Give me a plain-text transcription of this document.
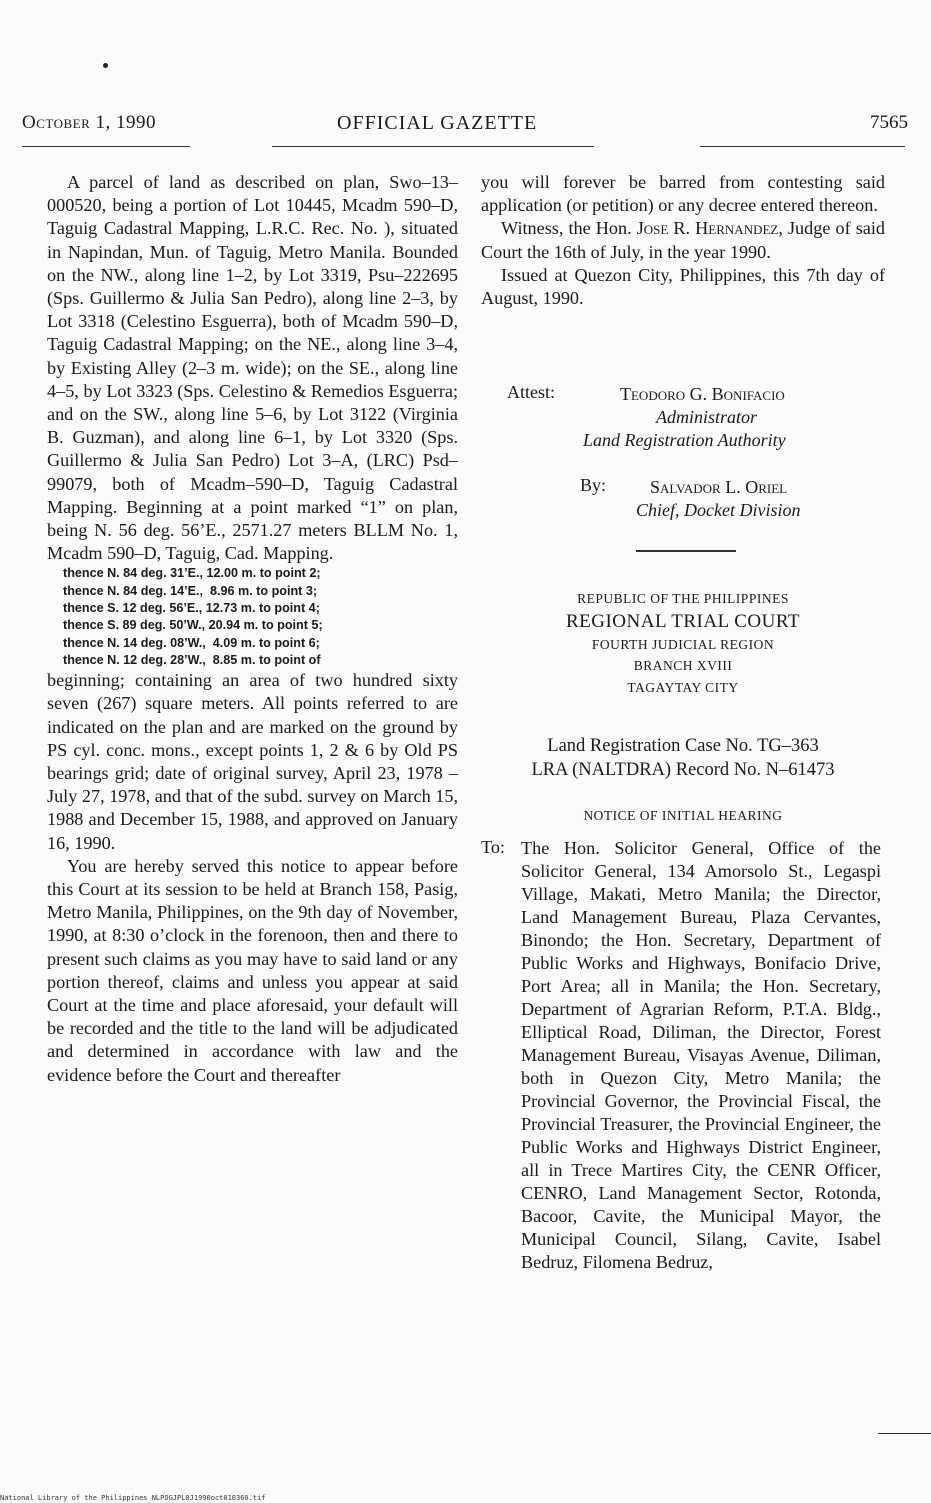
October 1, 1990	OFFICIAL GAZETTE	7565

A parcel of land as described on plan, Swo–13–000520, being a portion of Lot 10445, Mcadm 590–D, Taguig Cadastral Mapping, L.R.C. Rec. No. ), situated in Napindan, Mun. of Taguig, Metro Manila. Bounded on the NW., along line 1–2, by Lot 3319, Psu–222695 (Sps. Guillermo & Julia San Pedro), along line 2–3, by Lot 3318 (Celestino Esguerra), both of Mcadm 590–D, Taguig Cadastral Mapping; on the NE., along line 3–4, by Existing Alley (2–3 m. wide); on the SE., along line 4–5, by Lot 3323 (Sps. Celestino & Remedios Esguerra; and on the SW., along line 5–6, by Lot 3122 (Virginia B. Guzman), and along line 6–1, by Lot 3320 (Sps. Guillermo & Julia San Pedro) Lot 3–A, (LRC) Psd–99079, both of Mcadm–590–D, Taguig Cadastral Mapping. Beginning at a point marked “1” on plan, being N. 56 deg. 56’E., 2571.27 meters BLLM No. 1, Mcadm 590–D, Taguig, Cad. Mapping.

thence N. 84 deg. 31’E., 12.00 m. to point 2;
thence N. 84 deg. 14’E.,  8.96 m. to point 3;
thence S. 12 deg. 56’E., 12.73 m. to point 4;
thence S. 89 deg. 50’W., 20.94 m. to point 5;
thence N. 14 deg. 08’W.,  4.09 m. to point 6;
thence N. 12 deg. 28’W.,  8.85 m. to point of

beginning; containing an area of two hundred sixty seven (267) square meters. All points referred to are indicated on the plan and are marked on the ground by PS cyl. conc. mons., except points 1, 2 & 6 by Old PS bearings grid; date of original survey, April 23, 1978 – July 27, 1978, and that of the subd. survey on March 15, 1988 and December 15, 1988, and approved on January 16, 1990.

You are hereby served this notice to appear before this Court at its session to be held at Branch 158, Pasig, Metro Manila, Philippines, on the 9th day of November, 1990, at 8:30 o’clock in the forenoon, then and there to present such claims as you may have to said land or any portion thereof, claims and unless you appear at said Court at the time and place aforesaid, your default will be recorded and the title to the land will be adjudicated and determined in accordance with law and the evidence before the Court and thereafter

you will forever be barred from contesting said application (or petition) or any decree entered thereon.

Witness, the Hon. Jose R. Hernandez, Judge of said Court the 16th of July, in the year 1990.

Issued at Quezon City, Philippines, this 7th day of August, 1990.

Attest:	Teodoro G. Bonifacio
Administrator
Land Registration Authority
By: Salvador L. Oriel
Chief, Docket Division
REPUBLIC OF THE PHILIPPINES
REGIONAL TRIAL COURT
FOURTH JUDICIAL REGION
BRANCH XVIII
TAGAYTAY CITY
Land Registration Case No. TG–363
LRA (NALTDRA) Record No. N–61473
NOTICE OF INITIAL HEARING
To: The Hon. Solicitor General, Office of the Solicitor General, 134 Amorsolo St., Legaspi Village, Makati, Metro Manila; the Director, Land Management Bureau, Plaza Cervantes, Binondo; the Hon. Secretary, Department of Public Works and Highways, Bonifacio Drive, Port Area; all in Manila; the Hon. Secretary, Department of Agrarian Reform, P.T.A. Bldg., Elliptical Road, Diliman, the Director, Forest Management Bureau, Visayas Avenue, Diliman, both in Quezon City, Metro Manila; the Provincial Governor, the Provincial Fiscal, the Provincial Treasurer, the Provincial Engineer, the Public Works and Highways District Engineer, all in Trece Martires City, the CENR Officer, CENRO, Land Management Sector, Rotonda, Bacoor, Cavite, the Municipal Mayor, the Municipal Council, Silang, Cavite, Isabel Bedruz, Filomena Bedruz,
National Library of the Philippines NLPOGJPL0J1990oct010360.tif
